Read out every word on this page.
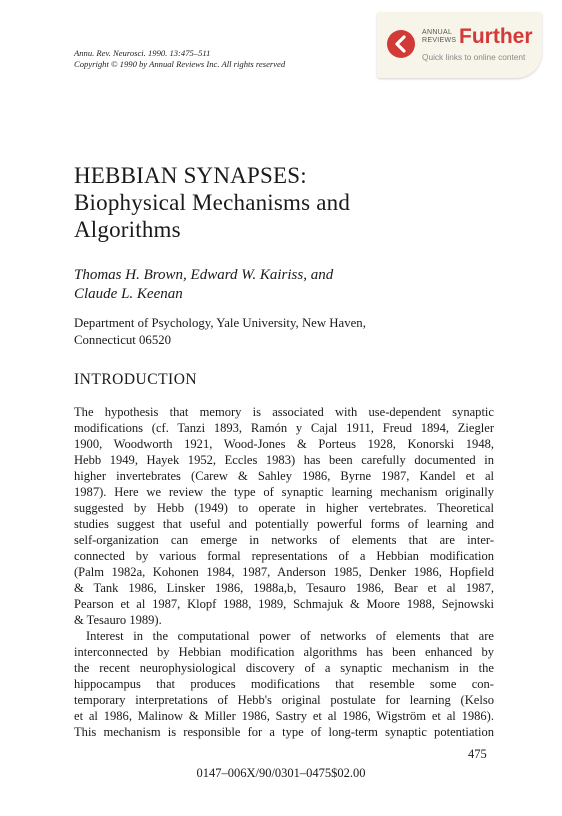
Annu. Rev. Neurosci. 1990. 13:475–511
Copyright © 1990 by Annual Reviews Inc. All rights reserved
ANNUAL
REVIEWS Further
Quick links to online content
HEBBIAN SYNAPSES:
Biophysical Mechanisms and
Algorithms
Thomas H. Brown, Edward W. Kairiss, and
Claude L. Keenan
Department of Psychology, Yale University, New Haven,
Connecticut 06520
INTRODUCTION
The hypothesis that memory is associated with use-dependent synaptic
modifications (cf. Tanzi 1893, Ramón y Cajal 1911, Freud 1894, Ziegler
1900, Woodworth 1921, Wood-Jones & Porteus 1928, Konorski 1948,
Hebb 1949, Hayek 1952, Eccles 1983) has been carefully documented in
higher invertebrates (Carew & Sahley 1986, Byrne 1987, Kandel et al
1987). Here we review the type of synaptic learning mechanism originally
suggested by Hebb (1949) to operate in higher vertebrates. Theoretical
studies suggest that useful and potentially powerful forms of learning and
self-organization can emerge in networks of elements that are inter-
connected by various formal representations of a Hebbian modification
(Palm 1982a, Kohonen 1984, 1987, Anderson 1985, Denker 1986, Hopfield
& Tank 1986, Linsker 1986, 1988a,b, Tesauro 1986, Bear et al 1987,
Pearson et al 1987, Klopf 1988, 1989, Schmajuk & Moore 1988, Sejnowski
& Tesauro 1989).
Interest in the computational power of networks of elements that are
interconnected by Hebbian modification algorithms has been enhanced by
the recent neurophysiological discovery of a synaptic mechanism in the
hippocampus that produces modifications that resemble some con-
temporary interpretations of Hebb's original postulate for learning (Kelso
et al 1986, Malinow & Miller 1986, Sastry et al 1986, Wigström et al 1986).
This mechanism is responsible for a type of long-term synaptic potentiation
475
0147–006X/90/0301–0475$02.00
